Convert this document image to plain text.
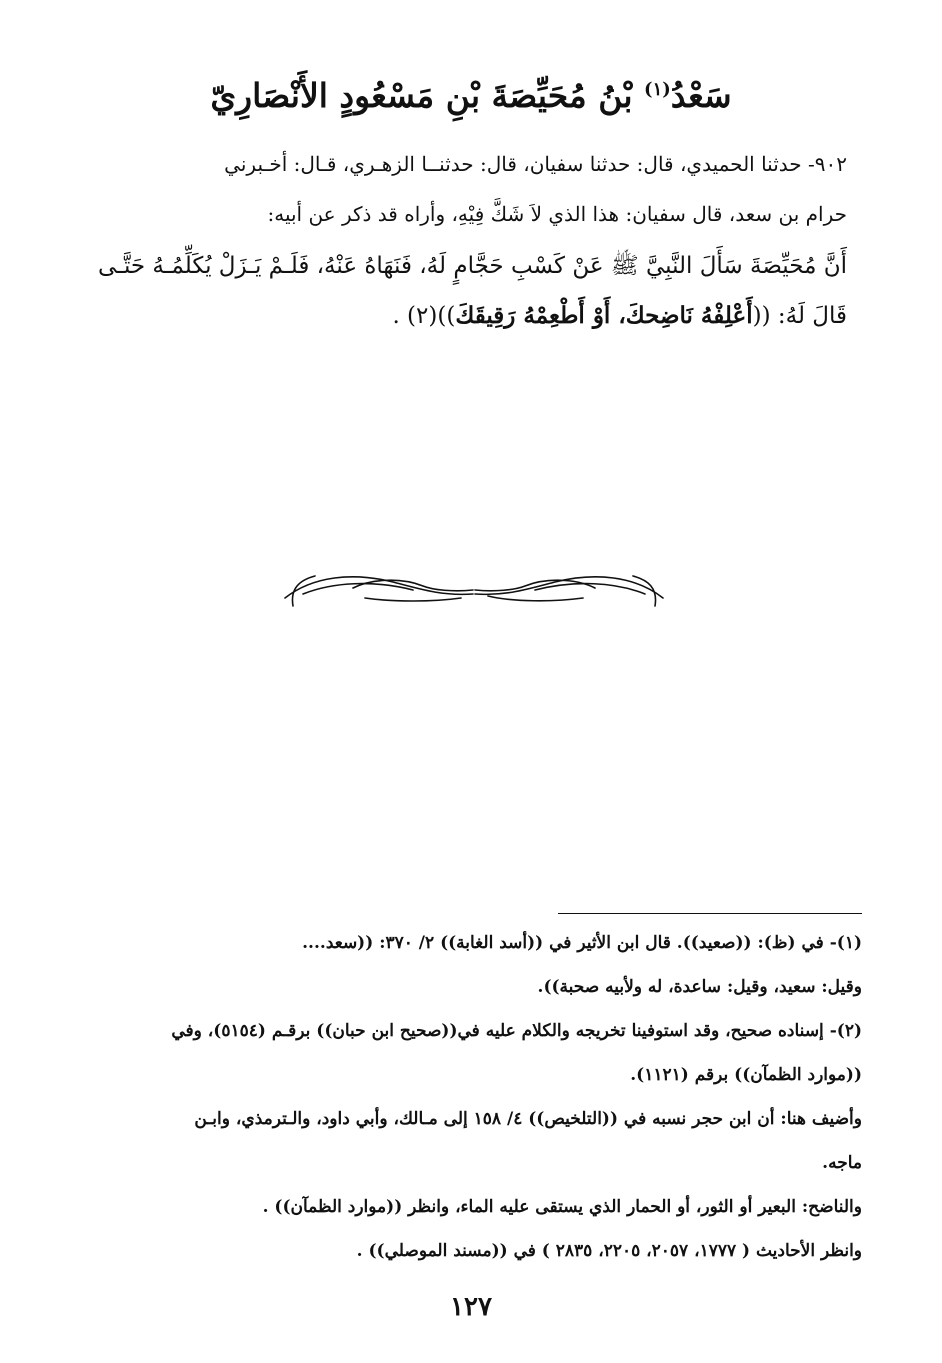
سَعْدُ$^{(١)}$ بْنُ مُحَيِّصَةَ بْنِ مَسْعُودٍ الأَنْصَارِيّ
٩٠٢- حدثنا الحميدي، قال: حدثنا سفيان، قال: حدثنــا الزهـري، قـال: أخـبرني
حرام بن سعد، قال سفيان: هذا الذي لاَ شَكَّ فِيْهِ، وأراه قد ذكر عن أبيه:
أَنَّ مُحَيِّصَةَ سَأَلَ النَّبِيَّ ﷺ عَنْ كَسْبِ حَجَّامٍ لَهُ، فَنَهَاهُ عَنْهُ، فَلَـمْ يَـزَلْ يُكَلِّمُـهُ حَتَّـى
قَالَ لَهُ: ((أَعْلِفْهُ نَاضِحكَ، أَوْ أَطْعِمْهُ رَقِيقَكَ))(٢) .
(١)- في (ظ): ((صعيد)). قال ابن الأثير في ((أسد الغابة)) ٢/ ٣٧٠: ((سعد....
وقيل: سعيد، وقيل: ساعدة، له ولأبيه صحبة)).
(٢)- إسناده صحيح، وقد استوفينا تخريجه والكلام عليه في((صحيح ابن حبان)) برقـم (٥١٥٤)، وفي
((موارد الظمآن)) برقم (١١٢١).
وأضيف هنا: أن ابن حجر نسبه في ((التلخيص)) ٤/ ١٥٨ إلى مـالك، وأبي داود، والـترمذي، وابـن
ماجه.
والناضح: البعير أو الثور، أو الحمار الذي يستقى عليه الماء، وانظر ((موارد الظمآن)) .
وانظر الأحاديث ( ١٧٧٧، ٢٠٥٧، ٢٢٠٥، ٢٨٣٥ ) في ((مسند الموصلي)) .
١٢٧
